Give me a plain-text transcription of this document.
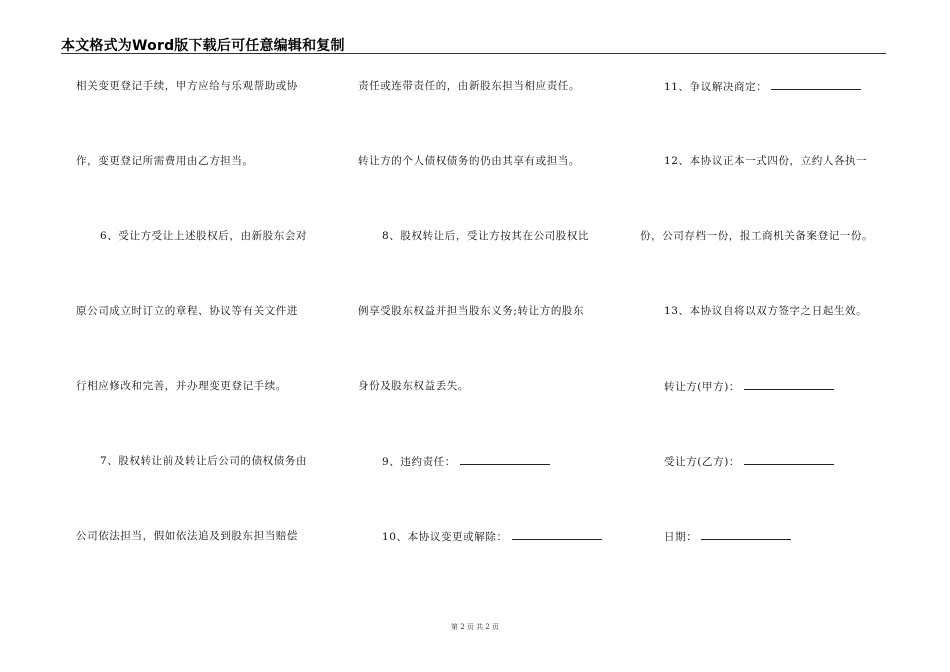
本文格式为Word版下载后可任意编辑和复制
相关变更登记手续，甲方应给与乐观帮助或协
作，变更登记所需费用由乙方担当。
6、受让方受让上述股权后，由新股东会对
原公司成立时订立的章程、协议等有关文件进
行相应修改和完善，并办理变更登记手续。
7、股权转让前及转让后公司的债权债务由
公司依法担当，假如依法追及到股东担当赔偿
责任或连带责任的，由新股东担当相应责任。
转让方的个人债权债务的仍由其享有或担当。
8、股权转让后，受让方按其在公司股权比
例享受股东权益并担当股东义务;转让方的股东
身份及股东权益丢失。
9、违约责任：
10、本协议变更或解除：
11、争议解决商定：
12、本协议正本一式四份，立约人各执一
份，公司存档一份，报工商机关备案登记一份。
13、本协议自将以双方签字之日起生效。
转让方(甲方)：
受让方(乙方)：
日期：
第 2 页 共 2 页
